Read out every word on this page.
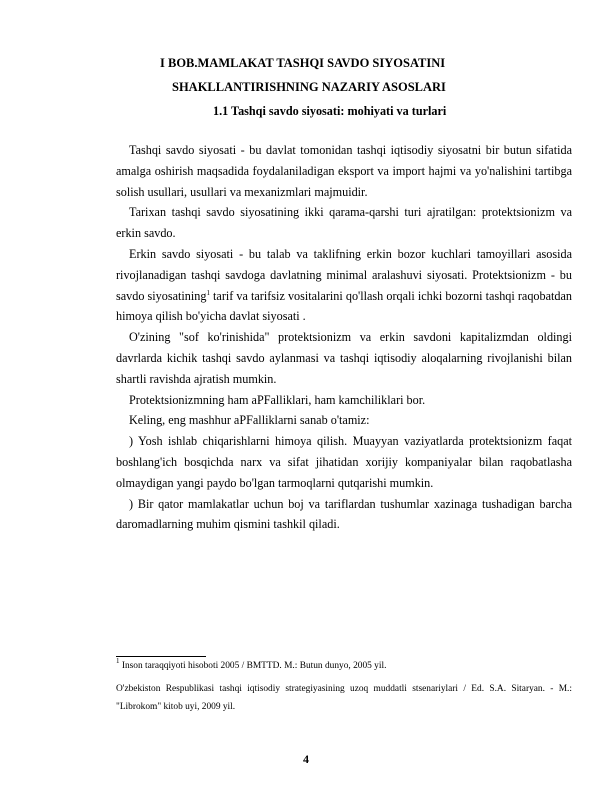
I BOB.MAMLAKAT TASHQI SAVDO SIYOSATINI
SHAKLLANTIRISHNING NAZARIY ASOSLARI
1.1 Tashqi savdo siyosati: mohiyati va turlari

Tashqi savdo siyosati - bu davlat tomonidan tashqi iqtisodiy siyosatni bir butun sifatida amalga oshirish maqsadida foydalaniladigan eksport va import hajmi va yo'nalishini tartibga solish usullari, usullari va mexanizmlari majmuidir.

Tarixan tashqi savdo siyosatining ikki qarama-qarshi turi ajratilgan: protektsionizm va erkin savdo.

Erkin savdo siyosati - bu talab va taklifning erkin bozor kuchlari tamoyillari asosida rivojlanadigan tashqi savdoga davlatning minimal aralashuvi siyosati. Protektsionizm - bu savdo siyosatining$^1$ tarif va tarifsiz vositalarini qo'llash orqali ichki bozorni tashqi raqobatdan himoya qilish bo'yicha davlat siyosati .

O'zining "sof ko'rinishida" protektsionizm va erkin savdoni kapitalizmdan oldingi davrlarda kichik tashqi savdo aylanmasi va tashqi iqtisodiy aloqalarning rivojlanishi bilan shartli ravishda ajratish mumkin.

Protektsionizmning ham aPFalliklari, ham kamchiliklari bor.

Keling, eng mashhur aPFalliklarni sanab o'tamiz:

) Yosh ishlab chiqarishlarni himoya qilish. Muayyan vaziyatlarda protektsionizm faqat boshlang'ich bosqichda narx va sifat jihatidan xorijiy kompaniyalar bilan raqobatlasha olmaydigan yangi paydo bo'lgan tarmoqlarni qutqarishi mumkin.

) Bir qator mamlakatlar uchun boj va tariflardan tushumlar xazinaga tushadigan barcha daromadlarning muhim qismini tashkil qiladi.

$^1$ Inson taraqqiyoti hisoboti 2005 / BMTTD. M.: Butun dunyo, 2005 yil.
O'zbekiston Respublikasi tashqi iqtisodiy strategiyasining uzoq muddatli stsenariylari / Ed. S.A. Sitaryan. - M.: "Librokom" kitob uyi, 2009 yil.
4
